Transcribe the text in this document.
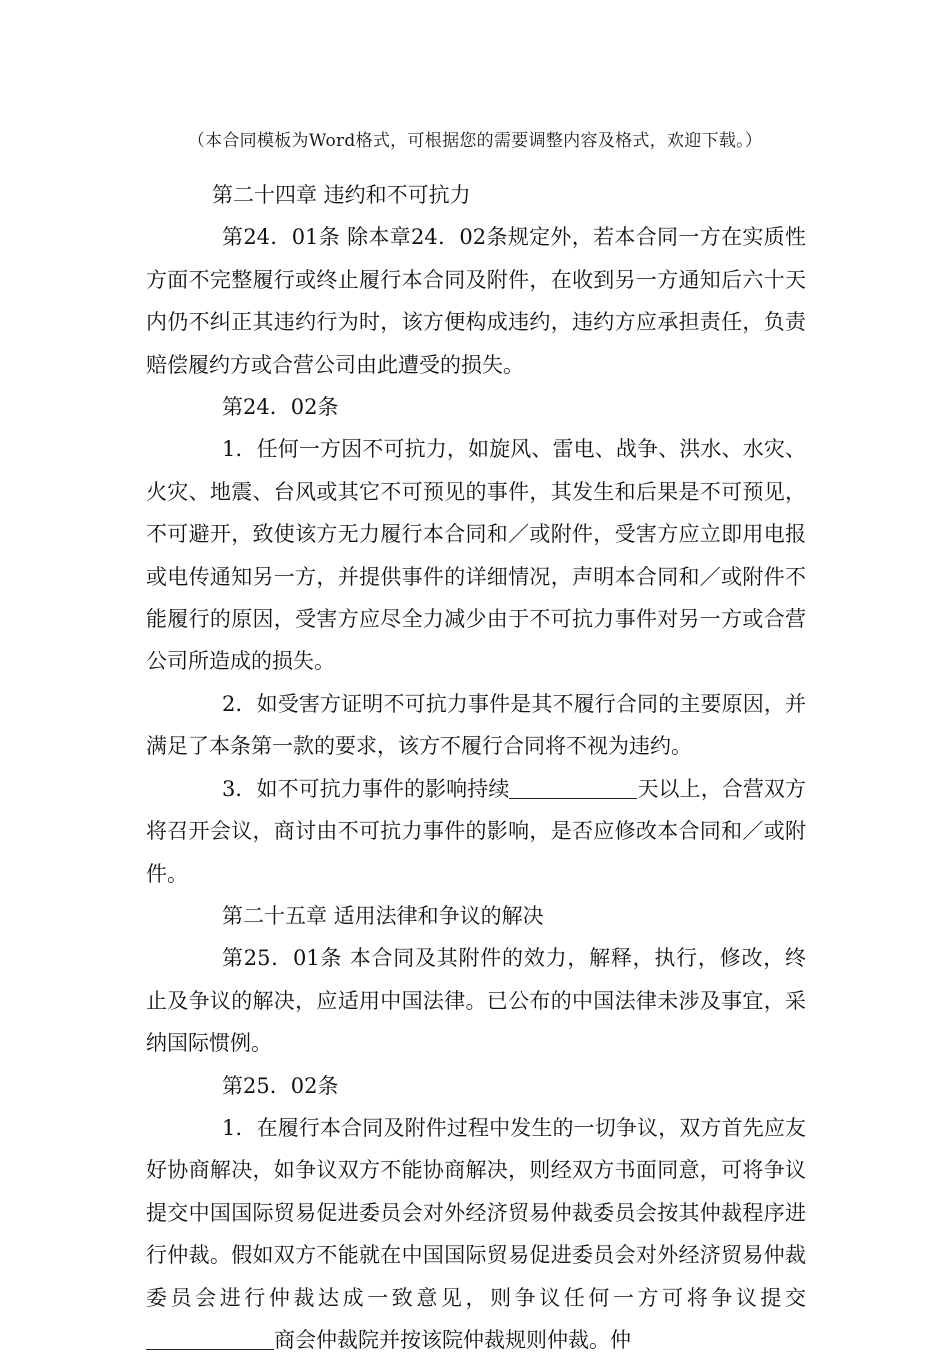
（本合同模板为Word格式，可根据您的需要调整内容及格式，欢迎下载。）

第二十四章 违约和不可抗力

第24．01条 除本章24．02条规定外，若本合同一方在实质性方面不完整履行或终止履行本合同及附件，在收到另一方通知后六十天内仍不纠正其违约行为时，该方便构成违约，违约方应承担责任，负责赔偿履约方或合营公司由此遭受的损失。

第24．02条

1．任何一方因不可抗力，如旋风、雷电、战争、洪水、水灾、火灾、地震、台风或其它不可预见的事件，其发生和后果是不可预见，不可避开，致使该方无力履行本合同和／或附件，受害方应立即用电报或电传通知另一方，并提供事件的详细情况，声明本合同和／或附件不能履行的原因，受害方应尽全力减少由于不可抗力事件对另一方或合营公司所造成的损失。

2．如受害方证明不可抗力事件是其不履行合同的主要原因，并满足了本条第一款的要求，该方不履行合同将不视为违约。

3．如不可抗力事件的影响持续	天以上，合营双方将召开会议，商讨由不可抗力事件的影响，是否应修改本合同和／或附件。

第二十五章 适用法律和争议的解决

第25．01条 本合同及其附件的效力，解释，执行，修改，终止及争议的解决，应适用中国法律。已公布的中国法律未涉及事宜，采纳国际惯例。

第25．02条

1．在履行本合同及附件过程中发生的一切争议，双方首先应友好协商解决，如争议双方不能协商解决，则经双方书面同意，可将争议提交中国国际贸易促进委员会对外经济贸易仲裁委员会按其仲裁程序进行仲裁。假如双方不能就在中国国际贸易促进委员会对外经济贸易仲裁委员会进行仲裁达成一致意见，则争议任何一方可将争议提交商会仲裁院并按该院仲裁规则仲裁。仲
